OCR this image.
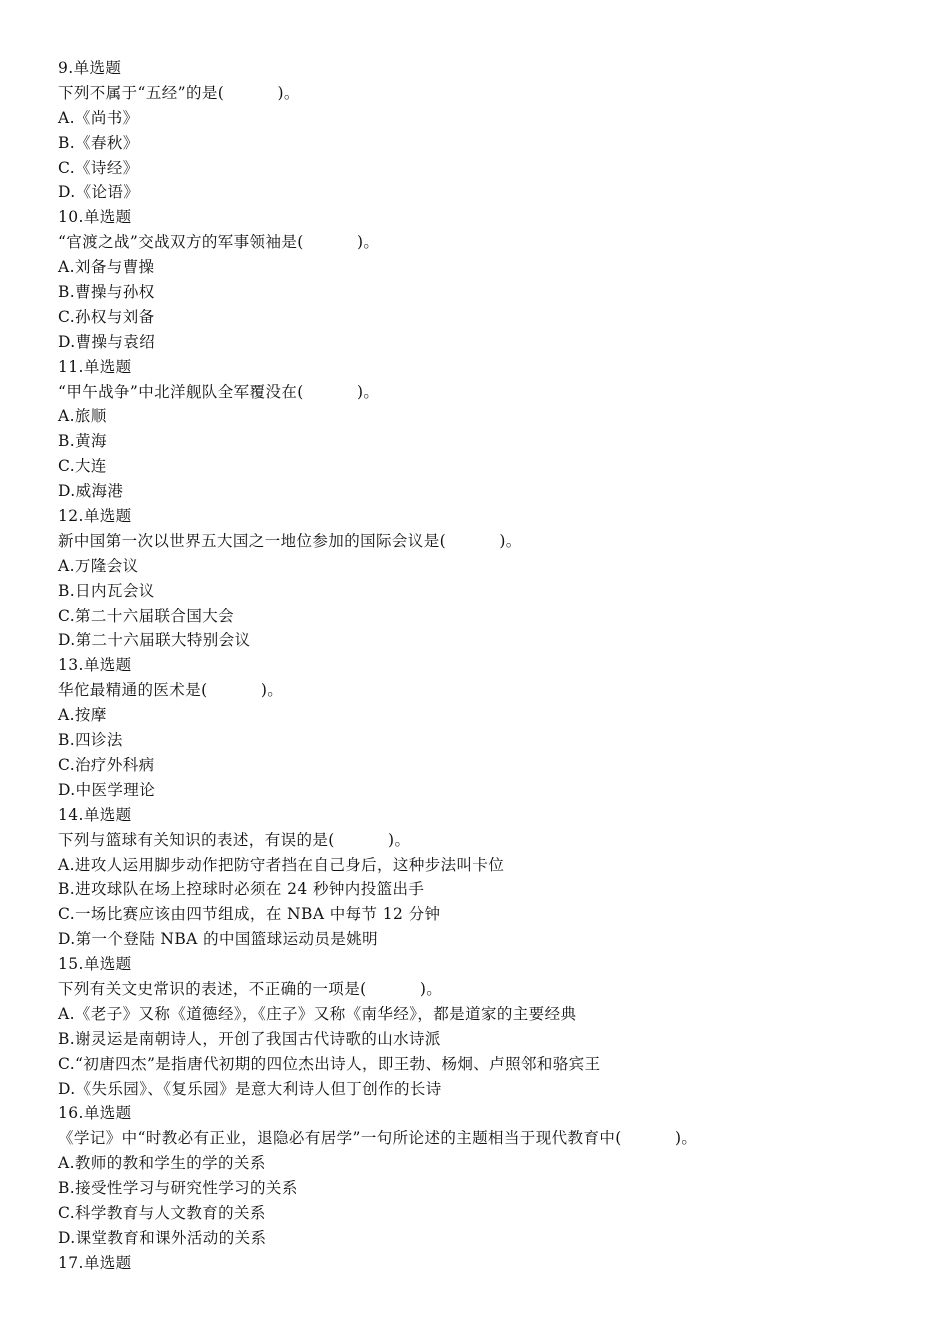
9.单选题
下列不属于“五经”的是(          )。
A.《尚书》
B.《春秋》
C.《诗经》
D.《论语》
10.单选题
“官渡之战”交战双方的军事领袖是(          )。
A.刘备与曹操
B.曹操与孙权
C.孙权与刘备
D.曹操与袁绍
11.单选题
“甲午战争”中北洋舰队全军覆没在(          )。
A.旅顺
B.黄海
C.大连
D.威海港
12.单选题
新中国第一次以世界五大国之一地位参加的国际会议是(          )。
A.万隆会议
B.日内瓦会议
C.第二十六届联合国大会
D.第二十六届联大特别会议
13.单选题
华佗最精通的医术是(          )。
A.按摩
B.四诊法
C.治疗外科病
D.中医学理论
14.单选题
下列与篮球有关知识的表述，有误的是(          )。
A.进攻人运用脚步动作把防守者挡在自己身后，这种步法叫卡位
B.进攻球队在场上控球时必须在 24 秒钟内投篮出手
C.一场比赛应该由四节组成，在 NBA 中每节 12 分钟
D.第一个登陆 NBA 的中国篮球运动员是姚明
15.单选题
下列有关文史常识的表述，不正确的一项是(          )。
A.《老子》又称《道德经》，《庄子》又称《南华经》，都是道家的主要经典
B.谢灵运是南朝诗人，开创了我国古代诗歌的山水诗派
C.“初唐四杰”是指唐代初期的四位杰出诗人，即王勃、杨炯、卢照邻和骆宾王
D.《失乐园》、《复乐园》是意大利诗人但丁创作的长诗
16.单选题
《学记》中“时教必有正业，退隐必有居学”一句所论述的主题相当于现代教育中(          )。
A.教师的教和学生的学的关系
B.接受性学习与研究性学习的关系
C.科学教育与人文教育的关系
D.课堂教育和课外活动的关系
17.单选题
